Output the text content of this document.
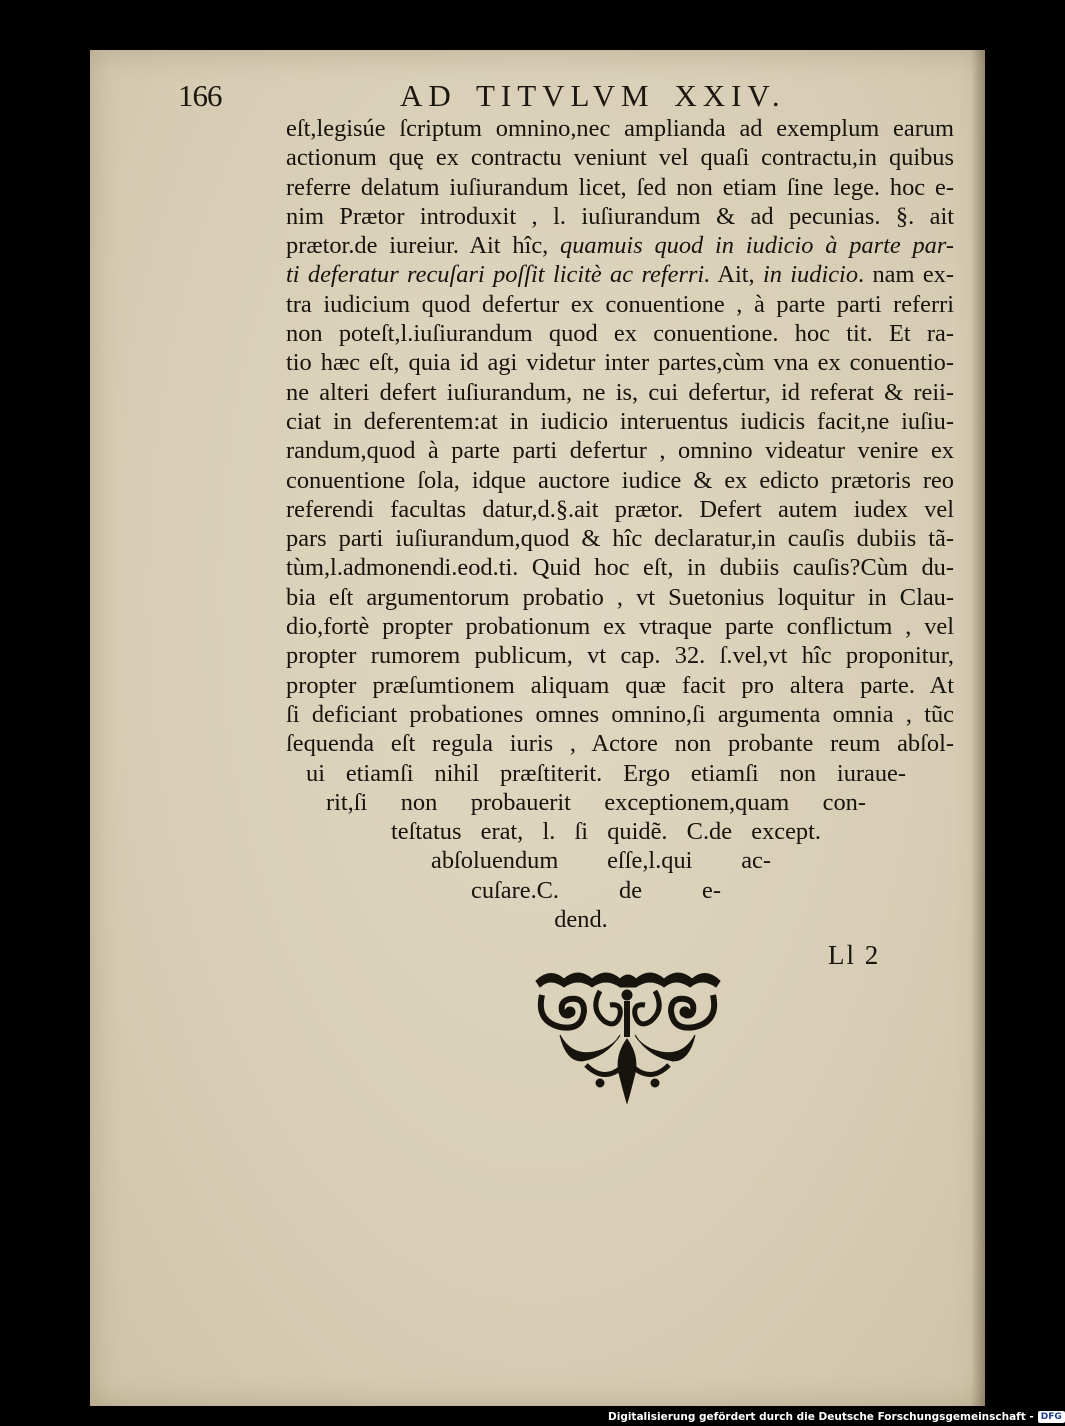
166	AD TITVLVM XXIV.
eſt,legisúe ſcriptum omnino,nec amplianda ad exemplum earum
actionum quę ex contractu veniunt vel quaſi contractu,in quibus
referre delatum iuſiurandum licet, ſed non etiam ſine lege. hoc e-
nim Prætor introduxit , l. iuſiurandum & ad pecunias. §. ait
prætor.de iureiur. Ait hîc, quamuis quod in iudicio à parte par-
ti deferatur recuſari poſſit licitè ac referri. Ait, in iudicio. nam ex-
tra iudicium quod defertur ex conuentione , à parte parti referri
non poteſt,l.iuſiurandum quod ex conuentione. hoc tit. Et ra-
tio hæc eſt, quia id agi videtur inter partes,cùm vna ex conuentio-
ne alteri defert iuſiurandum, ne is, cui defertur, id referat & reii-
ciat in deferentem:at in iudicio interuentus iudicis facit,ne iuſiu-
randum,quod à parte parti defertur , omnino videatur venire ex
conuentione ſola, idque auctore iudice & ex edicto prætoris reo
referendi facultas datur,d.§.ait prætor. Defert autem iudex vel
pars parti iuſiurandum,quod & hîc declaratur,in cauſis dubiis tã-
tùm,l.admonendi.eod.ti. Quid hoc eſt, in dubiis cauſis?Cùm du-
bia eſt argumentorum probatio , vt Suetonius loquitur in Clau-
dio,fortè propter probationum ex vtraque parte conflictum , vel
propter rumorem publicum, vt cap. 32. ſ.vel,vt hîc proponitur,
propter præſumtionem aliquam quæ facit pro altera parte. At
ſi deficiant probationes omnes omnino,ſi argumenta omnia , tũc
ſequenda eſt regula iuris , Actore non probante reum abſol-
ui etiamſi nihil præſtiterit. Ergo etiamſi non iuraue-
rit,ſi non probauerit exceptionem,quam con-
teſtatus erat, l. ſi quidẽ. C.de except.
abſoluendum eſſe,l.qui ac-
cuſare.C. de e-
dend.
Ll 2
Digitalisierung gefördert durch die Deutsche Forschungsgemeinschaft - DFG
